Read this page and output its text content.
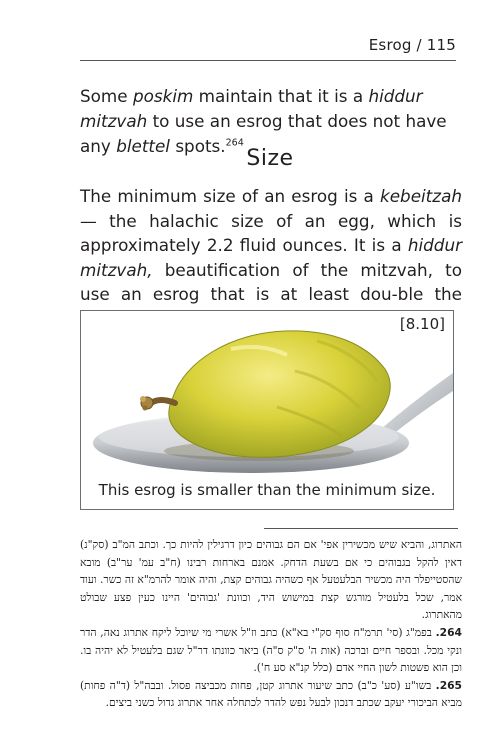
Esrog / 115
Some poskim maintain that it is a hiddur mitzvah to use an esrog that does not have any blettel spots.$^{264}$
Size
The minimum size of an esrog is a kebeitzah — the halachic size of an egg, which is approximately 2.2 fluid ounces. It is a hiddur mitzvah, beautification of the mitzvah, to use an esrog that is at least dou-ble the
[8.10]
This esrog is smaller than the minimum size.

האתרוג, והביא שיש מכשירין אפי' אם הם גבוהים כיון דרגילין להיות כך. וכתב המ"ב (סק"נ) דאין להקל בגבוהים כי אם בשעת הדחק. אמנם בארחות רבינו (ח"ב עמ' ער"ב) מובא שהסטייפלר היה מכשיר הבלעטעל אף כשהיה גבוהים קצת, והיה אומר להרמ"א זה כשר. ועוד אמר, שכל בלעטיל מורגש קצת במישוש היד, וכוונת 'גבוהים' היינו כעין פצע שבולט מהאתרוג.

264. בפמ"ג (סי' תרמ"ח סוף סק"י בא"א) כתב וז"ל אשרי מי שיוכל ליקח אתרוג נאה, הדר ונקי מכל. ובספר חיים וברכה (אות ה' ס"ק ס"ה) ביאר כוונתו דר"ל שגם בלעטיל לא יהיה בו. וכן הוא פשטות לשון החיי אדם (כלל קנ"א סע ח').

265. בשו"ע (סע' כ"ב) כתב שיעור אתרוג קטן, פחות מכביצה פסול. ובבה"ל (ד"ה פחות) מביא הביכורי יעקב שכתב דנכון לבעל נפש להדר לכתחלה אחר אתרוג גדול כשני ביצים.
